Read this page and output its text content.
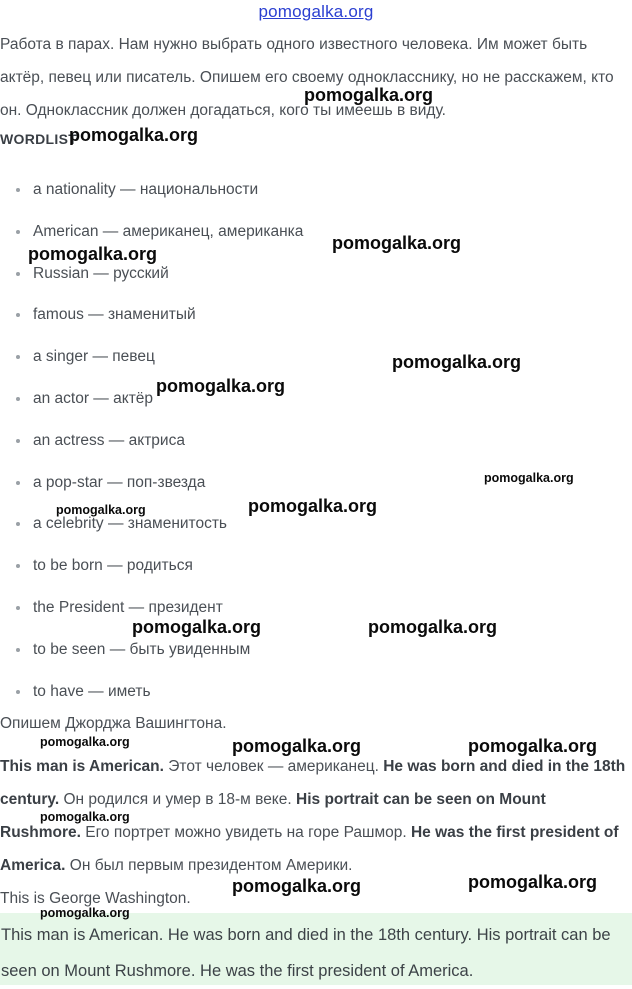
pomogalka.org

Работа в парах. Нам нужно выбрать одного известного человека. Им может быть актёр, певец или писатель. Опишем его своему однокласснику, но не расскажем, кто он. Одноклассник должен догадаться, кого ты имеешь в виду.

WORDLIST
a nationality — национальности
American — американец, американка
Russian — русский
famous — знаменитый
a singer — певец
an actor — актёр
an actress — актриса
a pop-star — поп-звезда
a celebrity — знаменитость
to be born — родиться
the President — президент
to be seen — быть увиденным
to have — иметь

Опишем Джорджа Вашингтона.

This man is American. Этот человек — американец. He was born and died in the 18th century. Он родился и умер в 18-м веке. His portrait can be seen on Mount Rushmore. Его портрет можно увидеть на горе Рашмор. He was the first president of America. Он был первым президентом Америки.

This is George Washington.

This man is American. He was born and died in the 18th century. His portrait can be seen on Mount Rushmore. He was the first president of America.

pomogalka.org
pomogalka.org
pomogalka.org
pomogalka.org
pomogalka.org
pomogalka.org
pomogalka.org
pomogalka.org
pomogalka.org
pomogalka.org	pomogalka.org
pomogalka.org	pomogalka.org	pomogalka.org
pomogalka.org
pomogalka.org
pomogalka.org
pomogalka.org
